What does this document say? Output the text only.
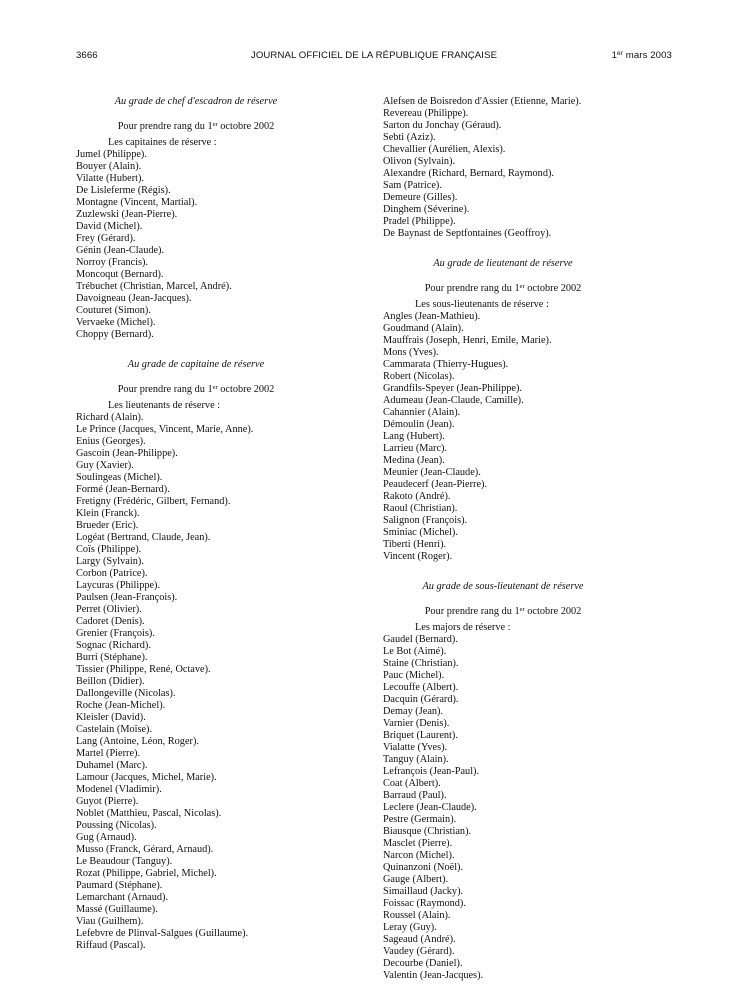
3666	JOURNAL OFFICIEL DE LA RÉPUBLIQUE FRANÇAISE	1er mars 2003
Au grade de chef d'escadron de réserve
Pour prendre rang du 1er octobre 2002
Les capitaines de réserve :
Jumel (Philippe).
Bouyer (Alain).
Vilatte (Hubert).
De Lisleferme (Régis).
Montagne (Vincent, Martial).
Zuzlewski (Jean-Pierre).
David (Michel).
Frey (Gérard).
Génin (Jean-Claude).
Norroy (Francis).
Moncoqut (Bernard).
Trébuchet (Christian, Marcel, André).
Davoigneau (Jean-Jacques).
Couturet (Simon).
Vervaeke (Michel).
Choppy (Bernard).
Au grade de capitaine de réserve
Pour prendre rang du 1er octobre 2002
Les lieutenants de réserve :
Richard (Alain).
Le Prince (Jacques, Vincent, Marie, Anne).
Enius (Georges).
Gascoin (Jean-Philippe).
Guy (Xavier).
Soulingeas (Michel).
Formé (Jean-Bernard).
Fretigny (Frédéric, Gilbert, Fernand).
Klein (Franck).
Brueder (Eric).
Logéat (Bertrand, Claude, Jean).
Coïs (Philippe).
Largy (Sylvain).
Corbon (Patrice).
Laycuras (Philippe).
Paulsen (Jean-François).
Perret (Olivier).
Cadoret (Denis).
Grenier (François).
Sognac (Richard).
Burri (Stéphane).
Tissier (Philippe, René, Octave).
Beillon (Didier).
Dallongeville (Nicolas).
Roche (Jean-Michel).
Kleisler (David).
Castelain (Moïse).
Lang (Antoine, Léon, Roger).
Martel (Pierre).
Duhamel (Marc).
Lamour (Jacques, Michel, Marie).
Modenel (Vladimir).
Guyot (Pierre).
Noblet (Matthieu, Pascal, Nicolas).
Poussing (Nicolas).
Gug (Arnaud).
Musso (Franck, Gérard, Arnaud).
Le Beaudour (Tanguy).
Rozat (Philippe, Gabriel, Michel).
Paumard (Stéphane).
Lemarchant (Arnaud).
Massé (Guillaume).
Viau (Guilhem).
Lefebvre de Plinval-Salgues (Guillaume).
Riffaud (Pascal).
Alefsen de Boisredon d'Assier (Etienne, Marie).
Revereau (Philippe).
Sarton du Jonchay (Géraud).
Sebti (Aziz).
Chevallier (Aurélien, Alexis).
Olivon (Sylvain).
Alexandre (Richard, Bernard, Raymond).
Sam (Patrice).
Demeure (Gilles).
Dinghem (Séverine).
Pradel (Philippe).
De Baynast de Septfontaines (Geoffroy).
Au grade de lieutenant de réserve
Pour prendre rang du 1er octobre 2002
Les sous-lieutenants de réserve :
Angles (Jean-Mathieu).
Goudmand (Alain).
Mauffrais (Joseph, Henri, Emile, Marie).
Mons (Yves).
Cammarata (Thierry-Hugues).
Robert (Nicolas).
Grandfils-Speyer (Jean-Philippe).
Adumeau (Jean-Claude, Camille).
Cahannier (Alain).
Démoulin (Jean).
Lang (Hubert).
Larrieu (Marc).
Medina (Jean).
Meunier (Jean-Claude).
Peaudecerf (Jean-Pierre).
Rakoto (André).
Raoul (Christian).
Salignon (François).
Sminiac (Michel).
Tiberti (Henri).
Vincent (Roger).
Au grade de sous-lieutenant de réserve
Pour prendre rang du 1er octobre 2002
Les majors de réserve :
Gaudel (Bernard).
Le Bot (Aimé).
Staine (Christian).
Pauc (Michel).
Lecouffe (Albert).
Dacquin (Gérard).
Demay (Jean).
Varnier (Denis).
Briquet (Laurent).
Vialatte (Yves).
Tanguy (Alain).
Lefrançois (Jean-Paul).
Coat (Albert).
Barraud (Paul).
Leclere (Jean-Claude).
Pestre (Germain).
Biausque (Christian).
Masclet (Pierre).
Narcon (Michel).
Quinanzoni (Noël).
Gauge (Albert).
Simaillaud (Jacky).
Foissac (Raymond).
Roussel (Alain).
Leray (Guy).
Sageaud (André).
Vaudey (Gérard).
Decourbe (Daniel).
Valentin (Jean-Jacques).
